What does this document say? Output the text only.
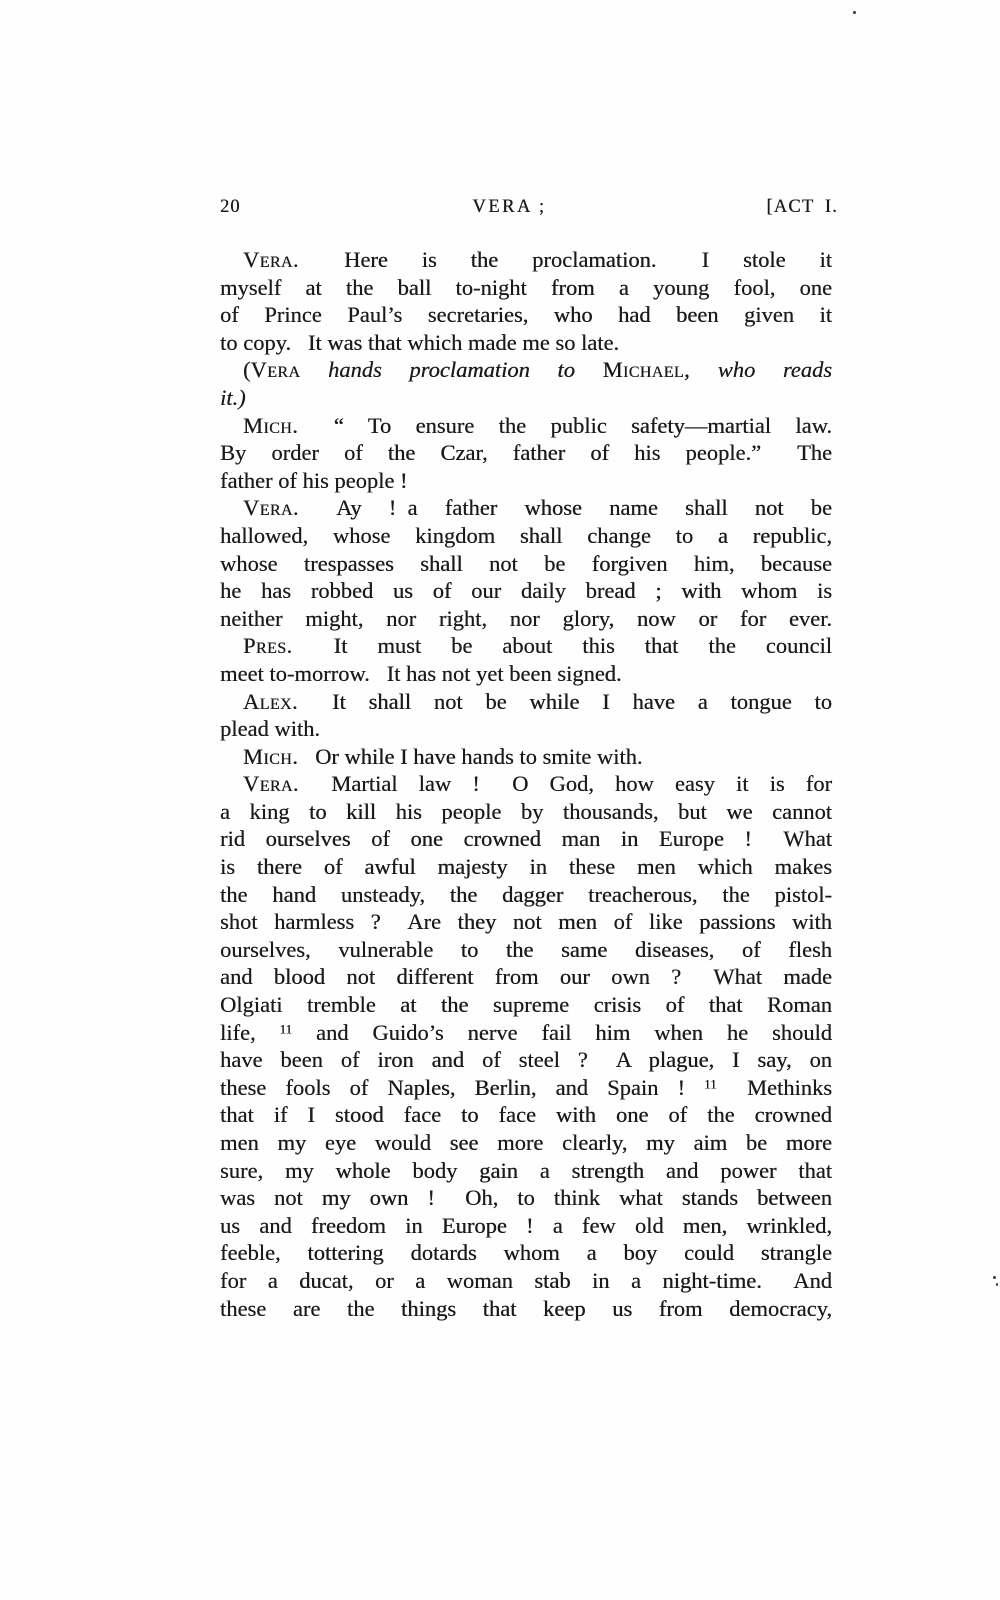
20	VERA ;	[ACT I.
Vera.  Here is the proclamation.  I stole it
myself at the ball to-night from a young fool, one
of Prince Paul’s secretaries, who had been given it
to copy.  It was that which made me so late.
(Vera hands proclamation to Michael, who reads
it.)
Mich.  “ To ensure the public safety—martial law.
By order of the Czar, father of his people.”  The
father of his people !
Vera.  Ay ! a father whose name shall not be
hallowed, whose kingdom shall change to a republic,
whose trespasses shall not be forgiven him, because
he has robbed us of our daily bread ; with whom is
neither might, nor right, nor glory, now or for ever.
Pres.  It must be about this that the council
meet to-morrow.  It has not yet been signed.
Alex.  It shall not be while I have a tongue to
plead with.
Mich.  Or while I have hands to smite with.
Vera.  Martial law !  O God, how easy it is for
a king to kill his people by thousands, but we cannot
rid ourselves of one crowned man in Europe !  What
is there of awful majesty in these men which makes
the hand unsteady, the dagger treacherous, the pistol-
shot harmless ?  Are they not men of like passions with
ourselves, vulnerable to the same diseases, of flesh
and blood not different from our own ?  What made
Olgiati tremble at the supreme crisis of that Roman
life, $^{11}$ and Guido’s nerve fail him when he should
have been of iron and of steel ?  A plague, I say, on
these fools of Naples, Berlin, and Spain ! $^{11}$  Methinks
that if I stood face to face with one of the crowned
men my eye would see more clearly, my aim be more
sure, my whole body gain a strength and power that
was not my own !  Oh, to think what stands between
us and freedom in Europe ! a few old men, wrinkled,
feeble, tottering dotards whom a boy could strangle
for a ducat, or a woman stab in a night-time.  And
these are the things that keep us from democracy,
